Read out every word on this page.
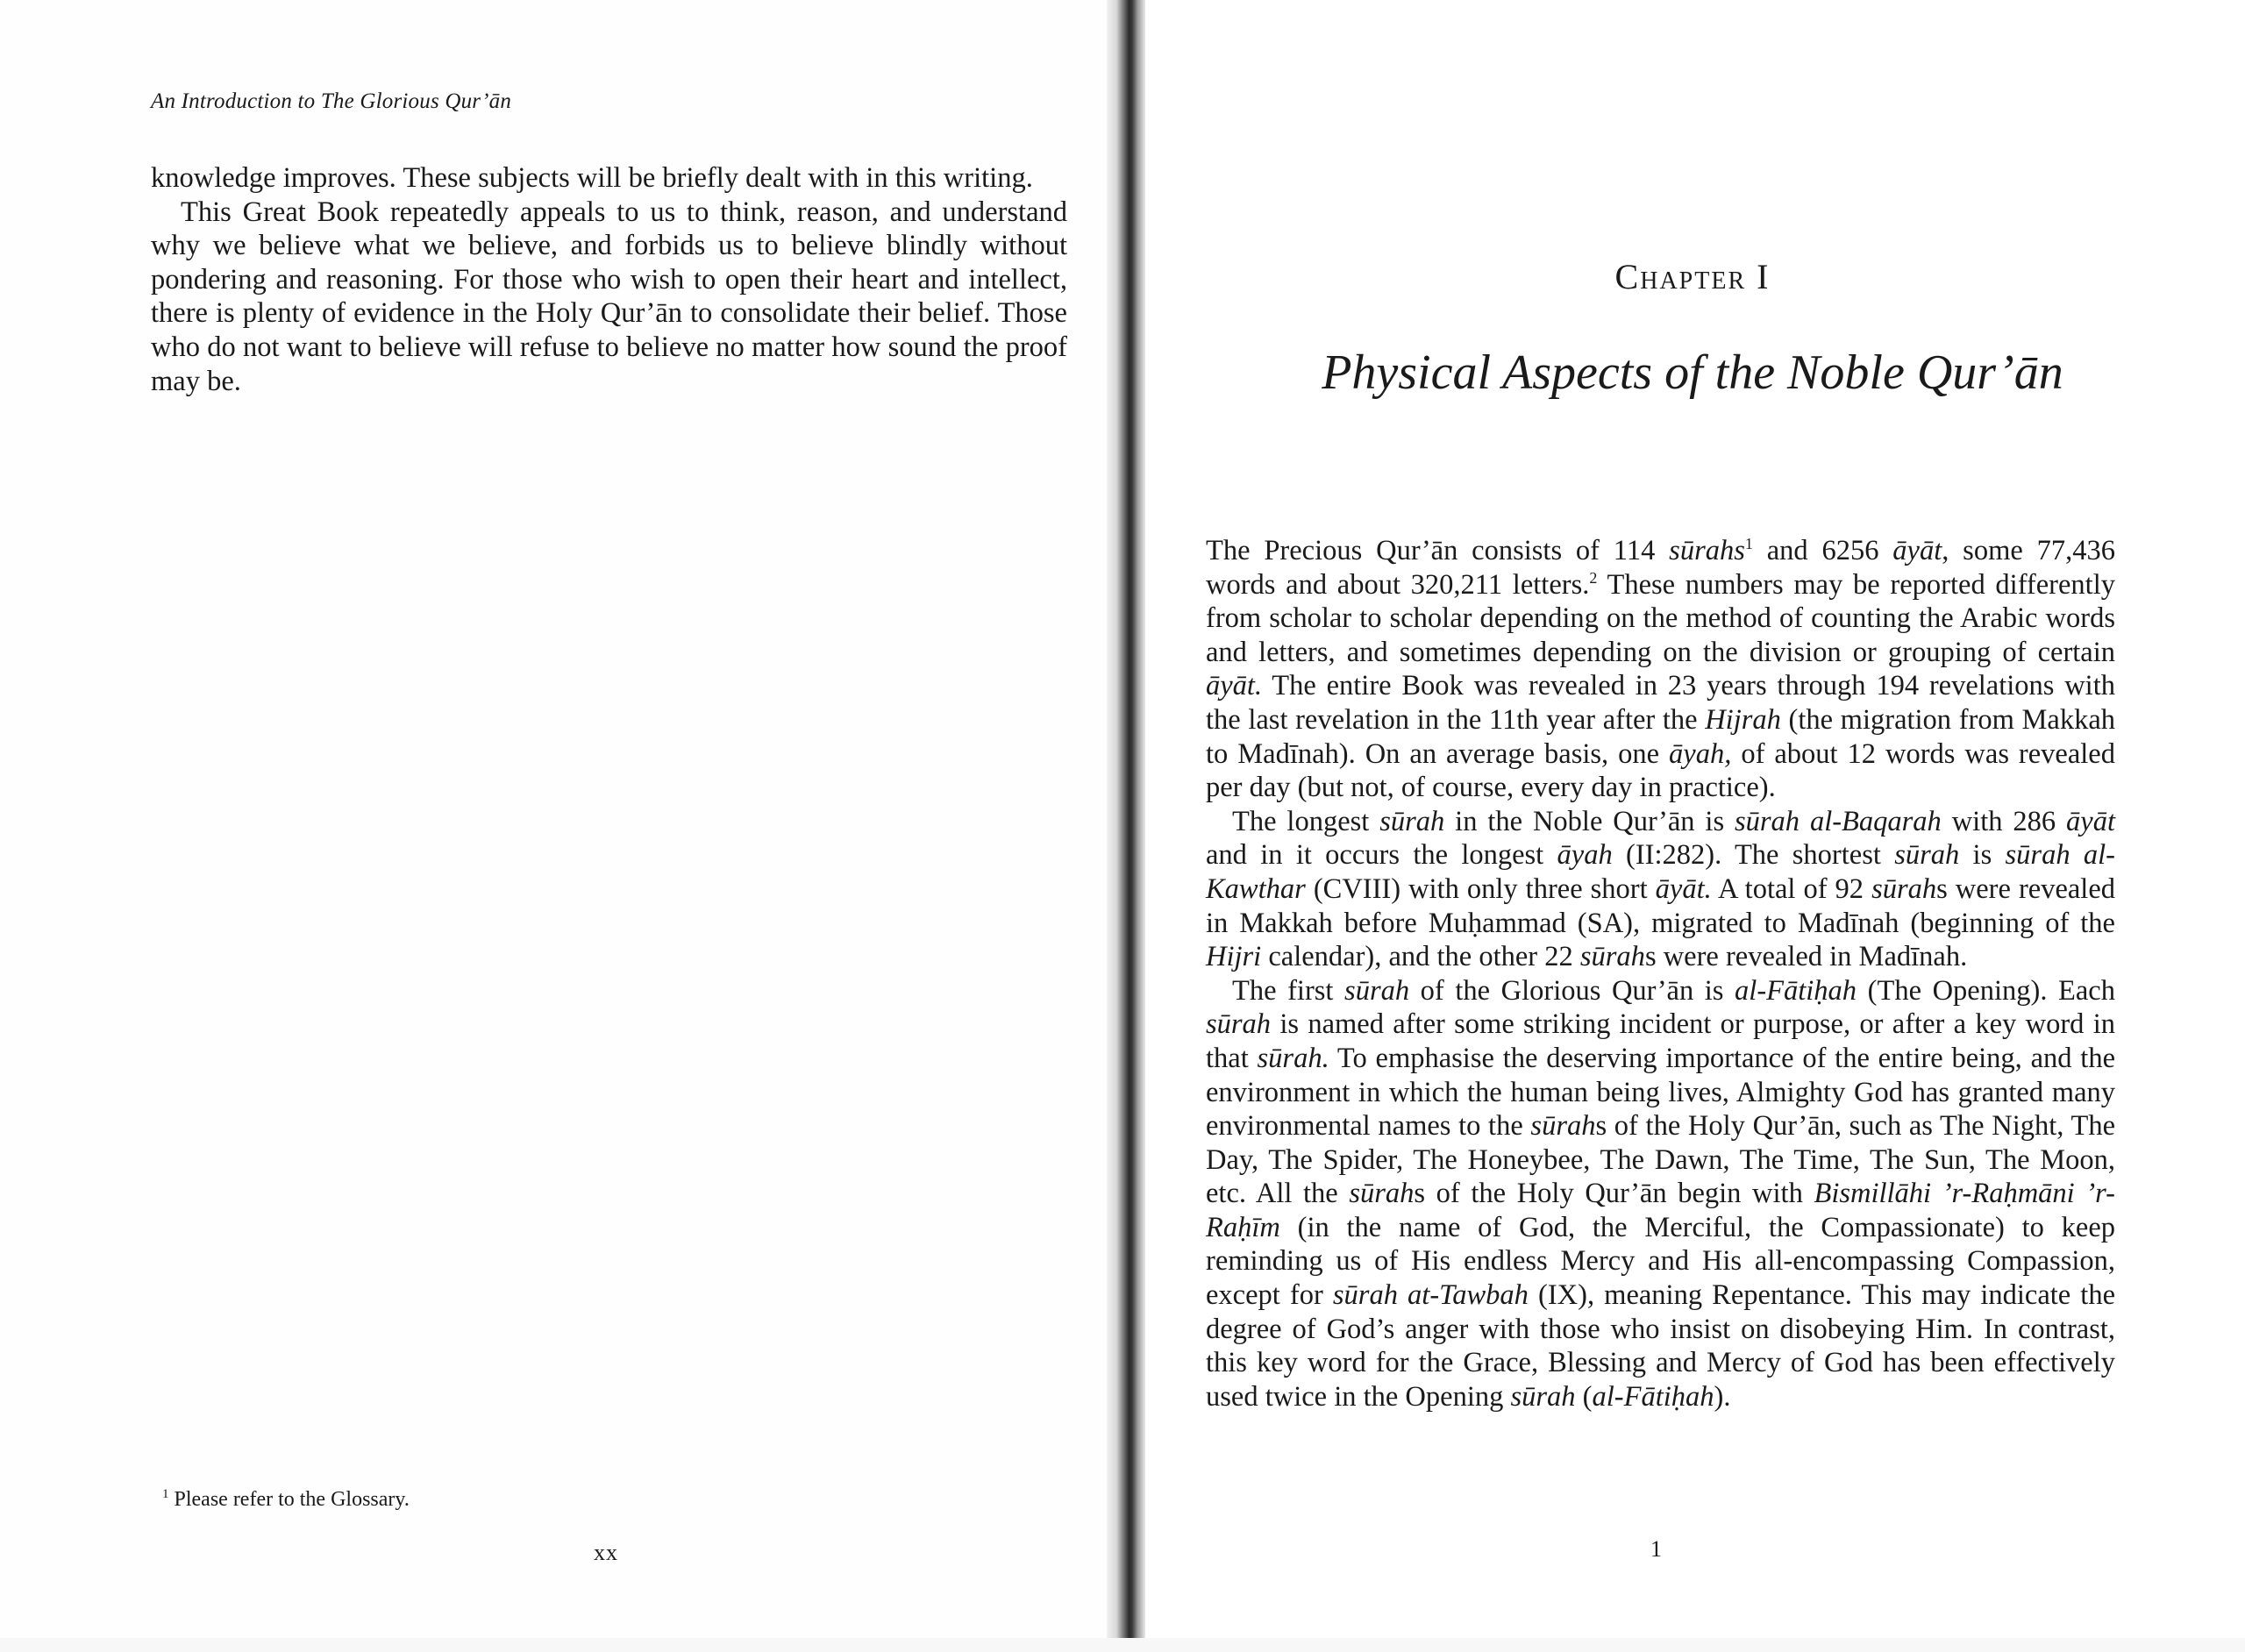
An Introduction to The Glorious Qur’ān

knowledge improves. These subjects will be briefly dealt with in this writing.

This Great Book repeatedly appeals to us to think, reason, and understand why we believe what we believe, and forbids us to believe blindly without pondering and reasoning. For those who wish to open their heart and intellect, there is plenty of evidence in the Holy Qur’ān to consolidate their belief. Those who do not want to believe will refuse to believe no matter how sound the proof may be.

$^1$ Please refer to the Glossary.
xx
Chapter I
Physical Aspects of the Noble Qur’ān

The Precious Qur’ān consists of 114 sūrahs$^1$ and 6256 āyāt, some 77,436 words and about 320,211 letters.$^2$ These numbers may be reported differently from scholar to scholar depending on the method of counting the Arabic words and letters, and sometimes depending on the division or grouping of certain āyāt. The entire Book was revealed in 23 years through 194 revelations with the last revelation in the 11th year after the Hijrah (the migration from Makkah to Madīnah). On an average basis, one āyah, of about 12 words was revealed per day (but not, of course, every day in practice).

The longest sūrah in the Noble Qur’ān is sūrah al-Baqarah with 286 āyāt and in it occurs the longest āyah (II:282). The shortest sūrah is sūrah al-Kawthar (CVIII) with only three short āyāt. A total of 92 sūrahs were revealed in Makkah before Muḥammad (SA), migrated to Madīnah (beginning of the Hijri calendar), and the other 22 sūrahs were revealed in Madīnah.

The first sūrah of the Glorious Qur’ān is al-Fātiḥah (The Opening). Each sūrah is named after some striking incident or purpose, or after a key word in that sūrah. To emphasise the deserving importance of the entire being, and the environment in which the human being lives, Almighty God has granted many environmental names to the sūrahs of the Holy Qur’ān, such as The Night, The Day, The Spider, The Honeybee, The Dawn, The Time, The Sun, The Moon, etc. All the sūrahs of the Holy Qur’ān begin with Bismillāhi ’r-Raḥmāni ’r-Raḥīm (in the name of God, the Merciful, the Compassionate) to keep reminding us of His endless Mercy and His all-encompassing Compassion, except for sūrah at-Tawbah (IX), meaning Repentance. This may indicate the degree of God’s anger with those who insist on disobeying Him. In contrast, this key word for the Grace, Blessing and Mercy of God has been effectively used twice in the Opening sūrah (al-Fātiḥah).

1
